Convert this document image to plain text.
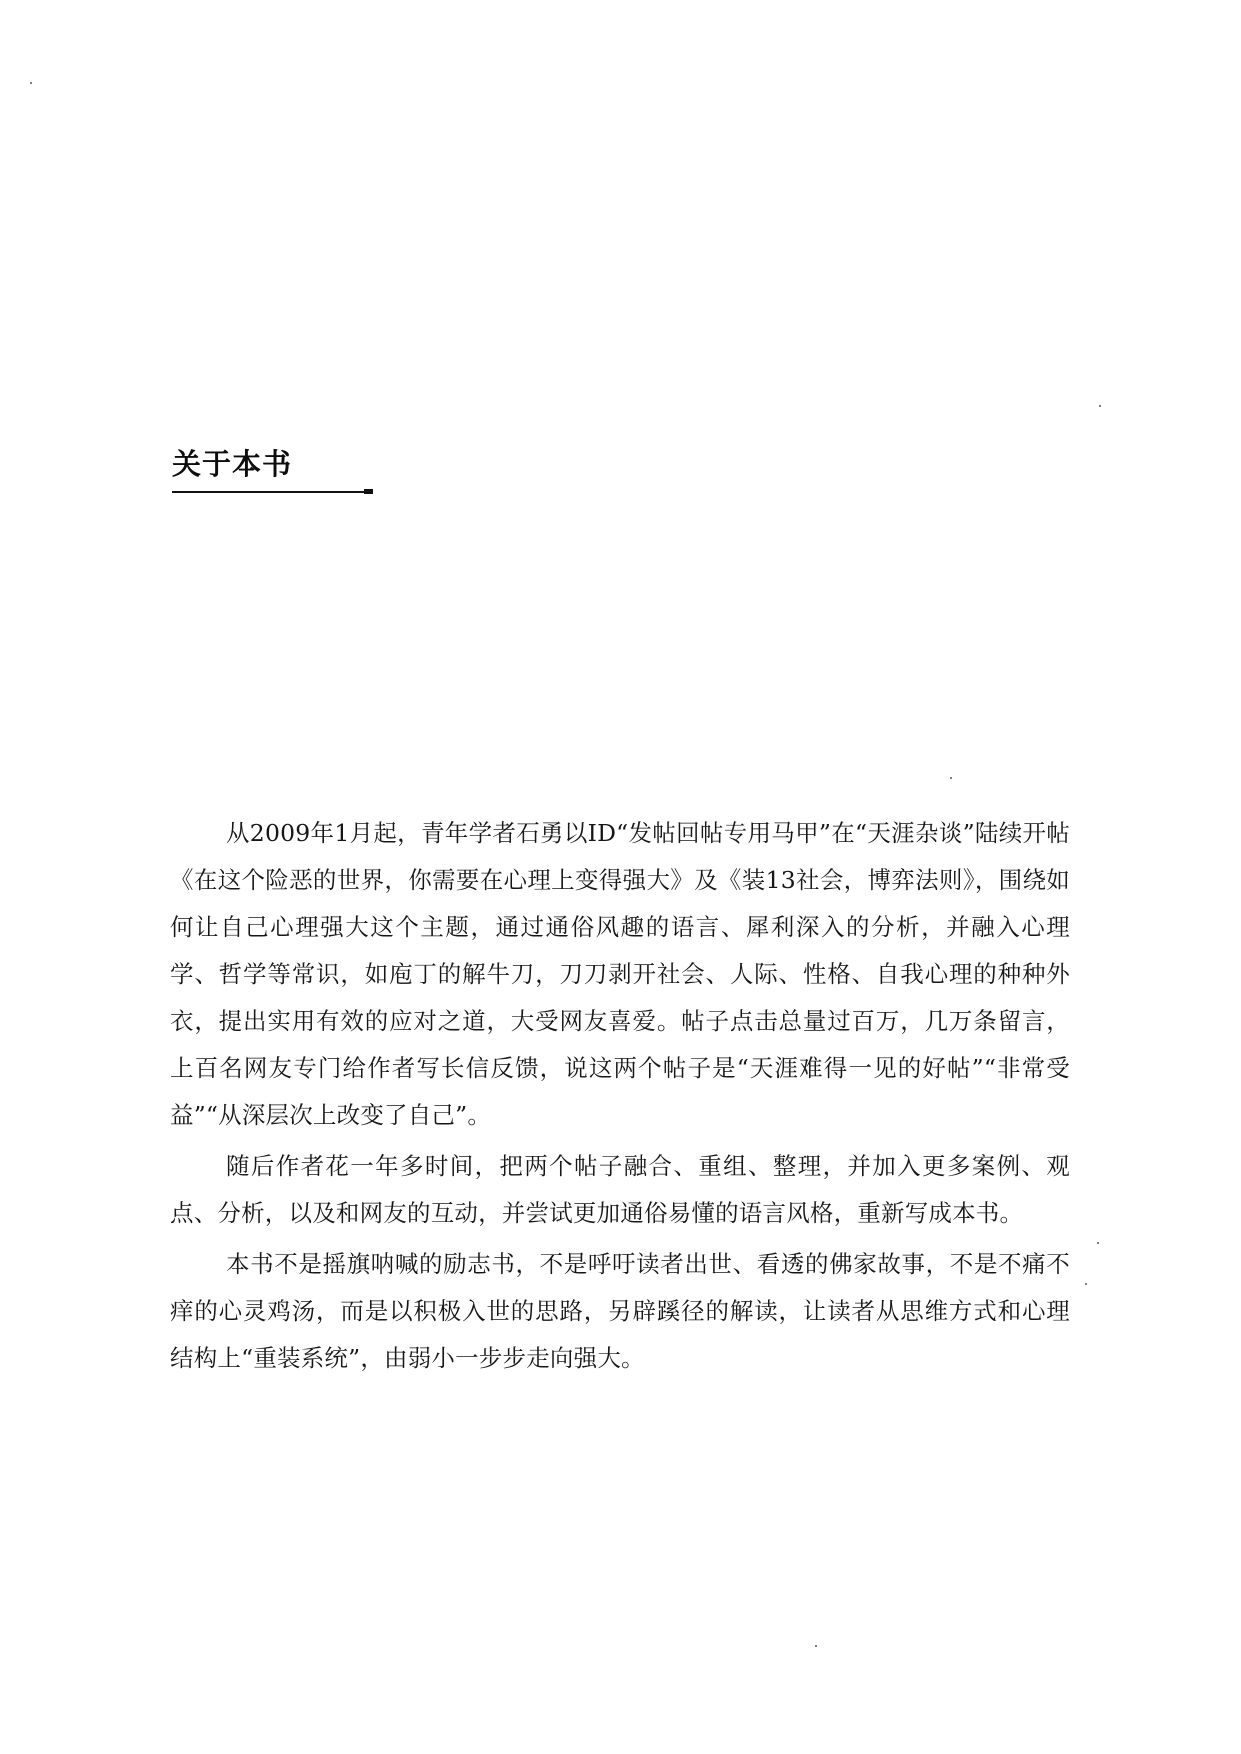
关于本书

从2009年1月起，青年学者石勇以ID“发帖回帖专用马甲”在“天涯杂谈”陆续开帖《在这个险恶的世界，你需要在心理上变得强大》及《装13社会，博弈法则》，围绕如何让自己心理强大这个主题，通过通俗风趣的语言、犀利深入的分析，并融入心理学、哲学等常识，如庖丁的解牛刀，刀刀剥开社会、人际、性格、自我心理的种种外衣，提出实用有效的应对之道，大受网友喜爱。帖子点击总量过百万，几万条留言，上百名网友专门给作者写长信反馈，说这两个帖子是“天涯难得一见的好帖”“非常受益”“从深层次上改变了自己”。

随后作者花一年多时间，把两个帖子融合、重组、整理，并加入更多案例、观点、分析，以及和网友的互动，并尝试更加通俗易懂的语言风格，重新写成本书。

本书不是摇旗呐喊的励志书，不是呼吁读者出世、看透的佛家故事，不是不痛不痒的心灵鸡汤，而是以积极入世的思路，另辟蹊径的解读，让读者从思维方式和心理结构上“重装系统”，由弱小一步步走向强大。
